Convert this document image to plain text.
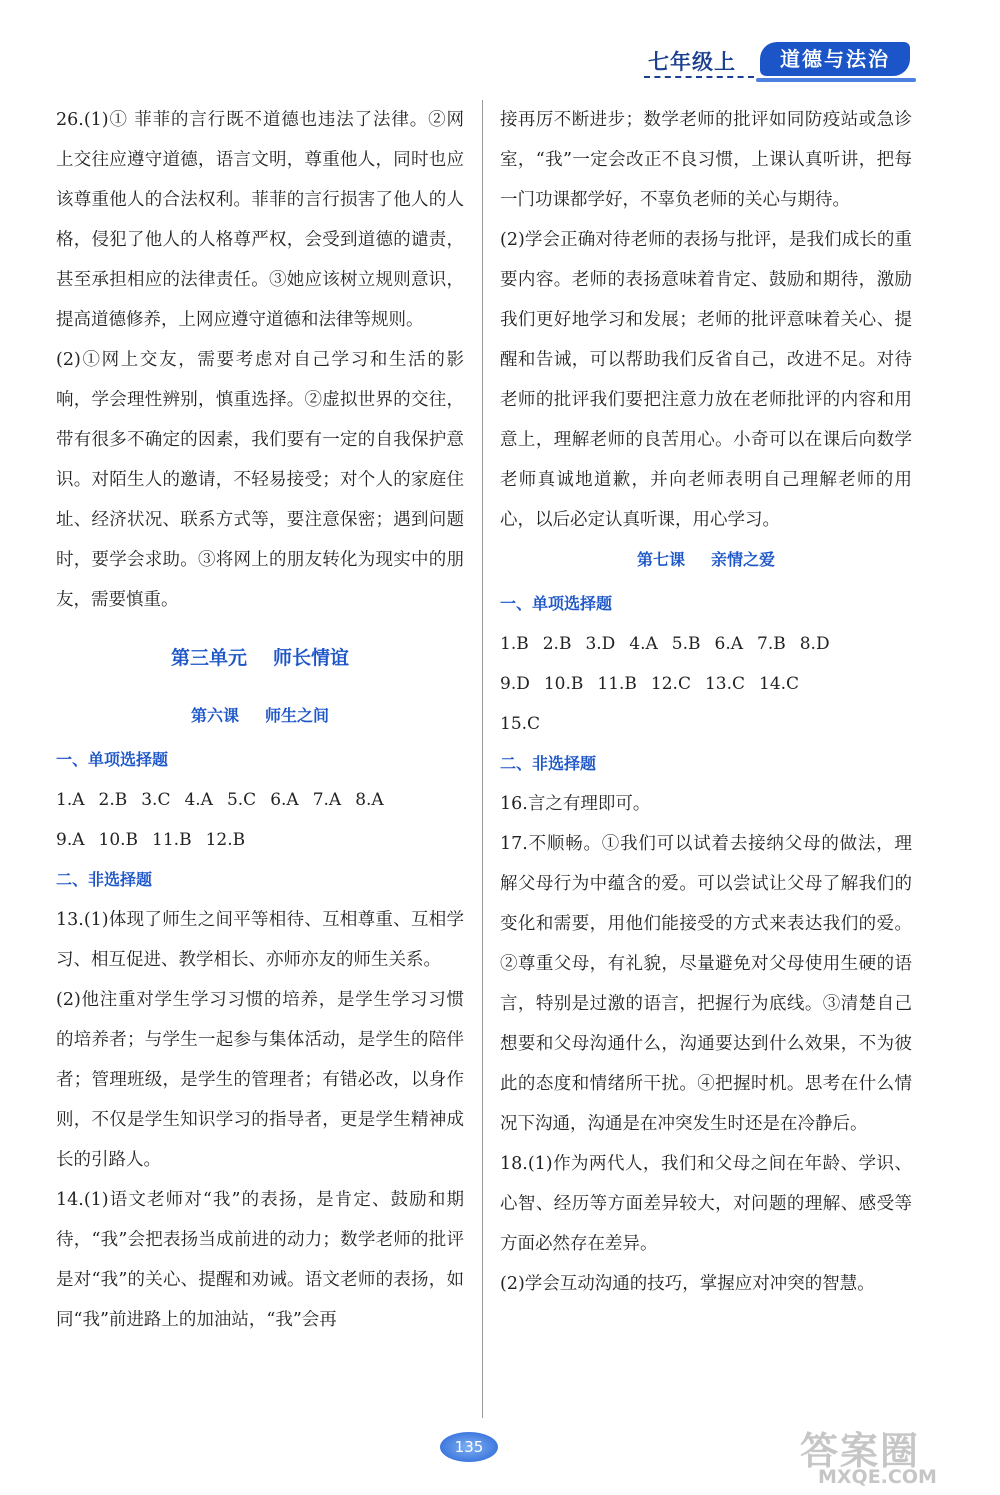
七年级上	道德与法治

26.(1)① 菲菲的言行既不道德也违法了法律。②网上交往应遵守道德，语言文明，尊重他人，同时也应该尊重他人的合法权利。菲菲的言行损害了他人的人格，侵犯了他人的人格尊严权，会受到道德的谴责，甚至承担相应的法律责任。③她应该树立规则意识，提高道德修养，上网应遵守道德和法律等规则。

(2)①网上交友，需要考虑对自己学习和生活的影响，学会理性辨别，慎重选择。②虚拟世界的交往，带有很多不确定的因素，我们要有一定的自我保护意识。对陌生人的邀请，不轻易接受；对个人的家庭住址、经济状况、联系方式等，要注意保密；遇到问题时，要学会求助。③将网上的朋友转化为现实中的朋友，需要慎重。

第三单元 师长情谊

第六课 师生之间

一、单项选择题

1.A 2.B 3.C 4.A 5.C 6.A 7.A 8.A

9.A 10.B 11.B 12.B

二、非选择题

13.(1)体现了师生之间平等相待、互相尊重、互相学习、相互促进、教学相长、亦师亦友的师生关系。

(2)他注重对学生学习习惯的培养，是学生学习习惯的培养者；与学生一起参与集体活动，是学生的陪伴者；管理班级，是学生的管理者；有错必改，以身作则，不仅是学生知识学习的指导者，更是学生精神成长的引路人。

14.(1)语文老师对“我”的表扬，是肯定、鼓励和期待，“我”会把表扬当成前进的动力；数学老师的批评是对“我”的关心、提醒和劝诫。语文老师的表扬，如同“我”前进路上的加油站，“我”会再

接再厉不断进步；数学老师的批评如同防疫站或急诊室，“我”一定会改正不良习惯，上课认真听讲，把每一门功课都学好，不辜负老师的关心与期待。

(2)学会正确对待老师的表扬与批评，是我们成长的重要内容。老师的表扬意味着肯定、鼓励和期待，激励我们更好地学习和发展；老师的批评意味着关心、提醒和告诫，可以帮助我们反省自己，改进不足。对待老师的批评我们要把注意力放在老师批评的内容和用意上，理解老师的良苦用心。小奇可以在课后向数学老师真诚地道歉，并向老师表明自己理解老师的用心，以后必定认真听课，用心学习。

第七课 亲情之爱

一、单项选择题

1.B 2.B 3.D 4.A 5.B 6.A 7.B 8.D

9.D 10.B 11.B 12.C 13.C 14.C

15.C

二、非选择题

16.言之有理即可。

17.不顺畅。①我们可以试着去接纳父母的做法，理解父母行为中蕴含的爱。可以尝试让父母了解我们的变化和需要，用他们能接受的方式来表达我们的爱。②尊重父母，有礼貌，尽量避免对父母使用生硬的语言，特别是过激的语言，把握行为底线。③清楚自己想要和父母沟通什么，沟通要达到什么效果，不为彼此的态度和情绪所干扰。④把握时机。思考在什么情况下沟通，沟通是在冲突发生时还是在冷静后。

18.(1)作为两代人，我们和父母之间在年龄、学识、心智、经历等方面差异较大，对问题的理解、感受等方面必然存在差异。

(2)学会互动沟通的技巧，掌握应对冲突的智慧。

135	答案圈
MXQE.COM
